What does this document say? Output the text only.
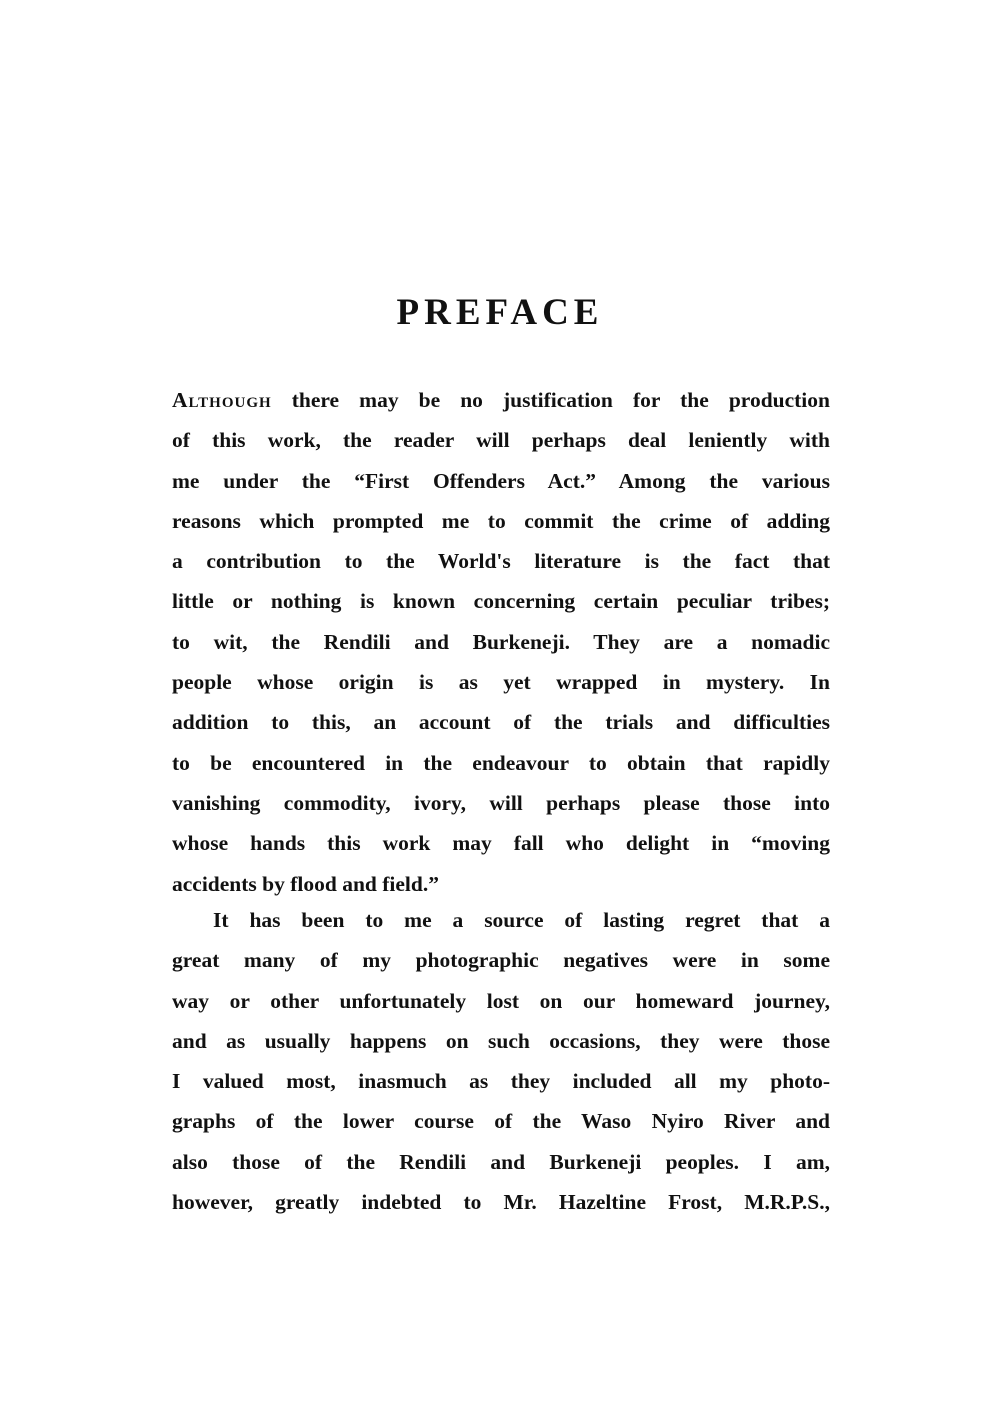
PREFACE
Although there may be no justification for the production
of this work, the reader will perhaps deal leniently with
me under the “First Offenders Act.” Among the various
reasons which prompted me to commit the crime of adding
a contribution to the World's literature is the fact that
little or nothing is known concerning certain peculiar tribes;
to wit, the Rendili and Burkeneji. They are a nomadic
people whose origin is as yet wrapped in mystery. In
addition to this, an account of the trials and difficulties
to be encountered in the endeavour to obtain that rapidly
vanishing commodity, ivory, will perhaps please those into
whose hands this work may fall who delight in “moving
accidents by flood and field.”
It has been to me a source of lasting regret that a
great many of my photographic negatives were in some
way or other unfortunately lost on our homeward journey,
and as usually happens on such occasions, they were those
I valued most, inasmuch as they included all my photo-
graphs of the lower course of the Waso Nyiro River and
also those of the Rendili and Burkeneji peoples. I am,
however, greatly indebted to Mr. Hazeltine Frost, M.R.P.S.,
